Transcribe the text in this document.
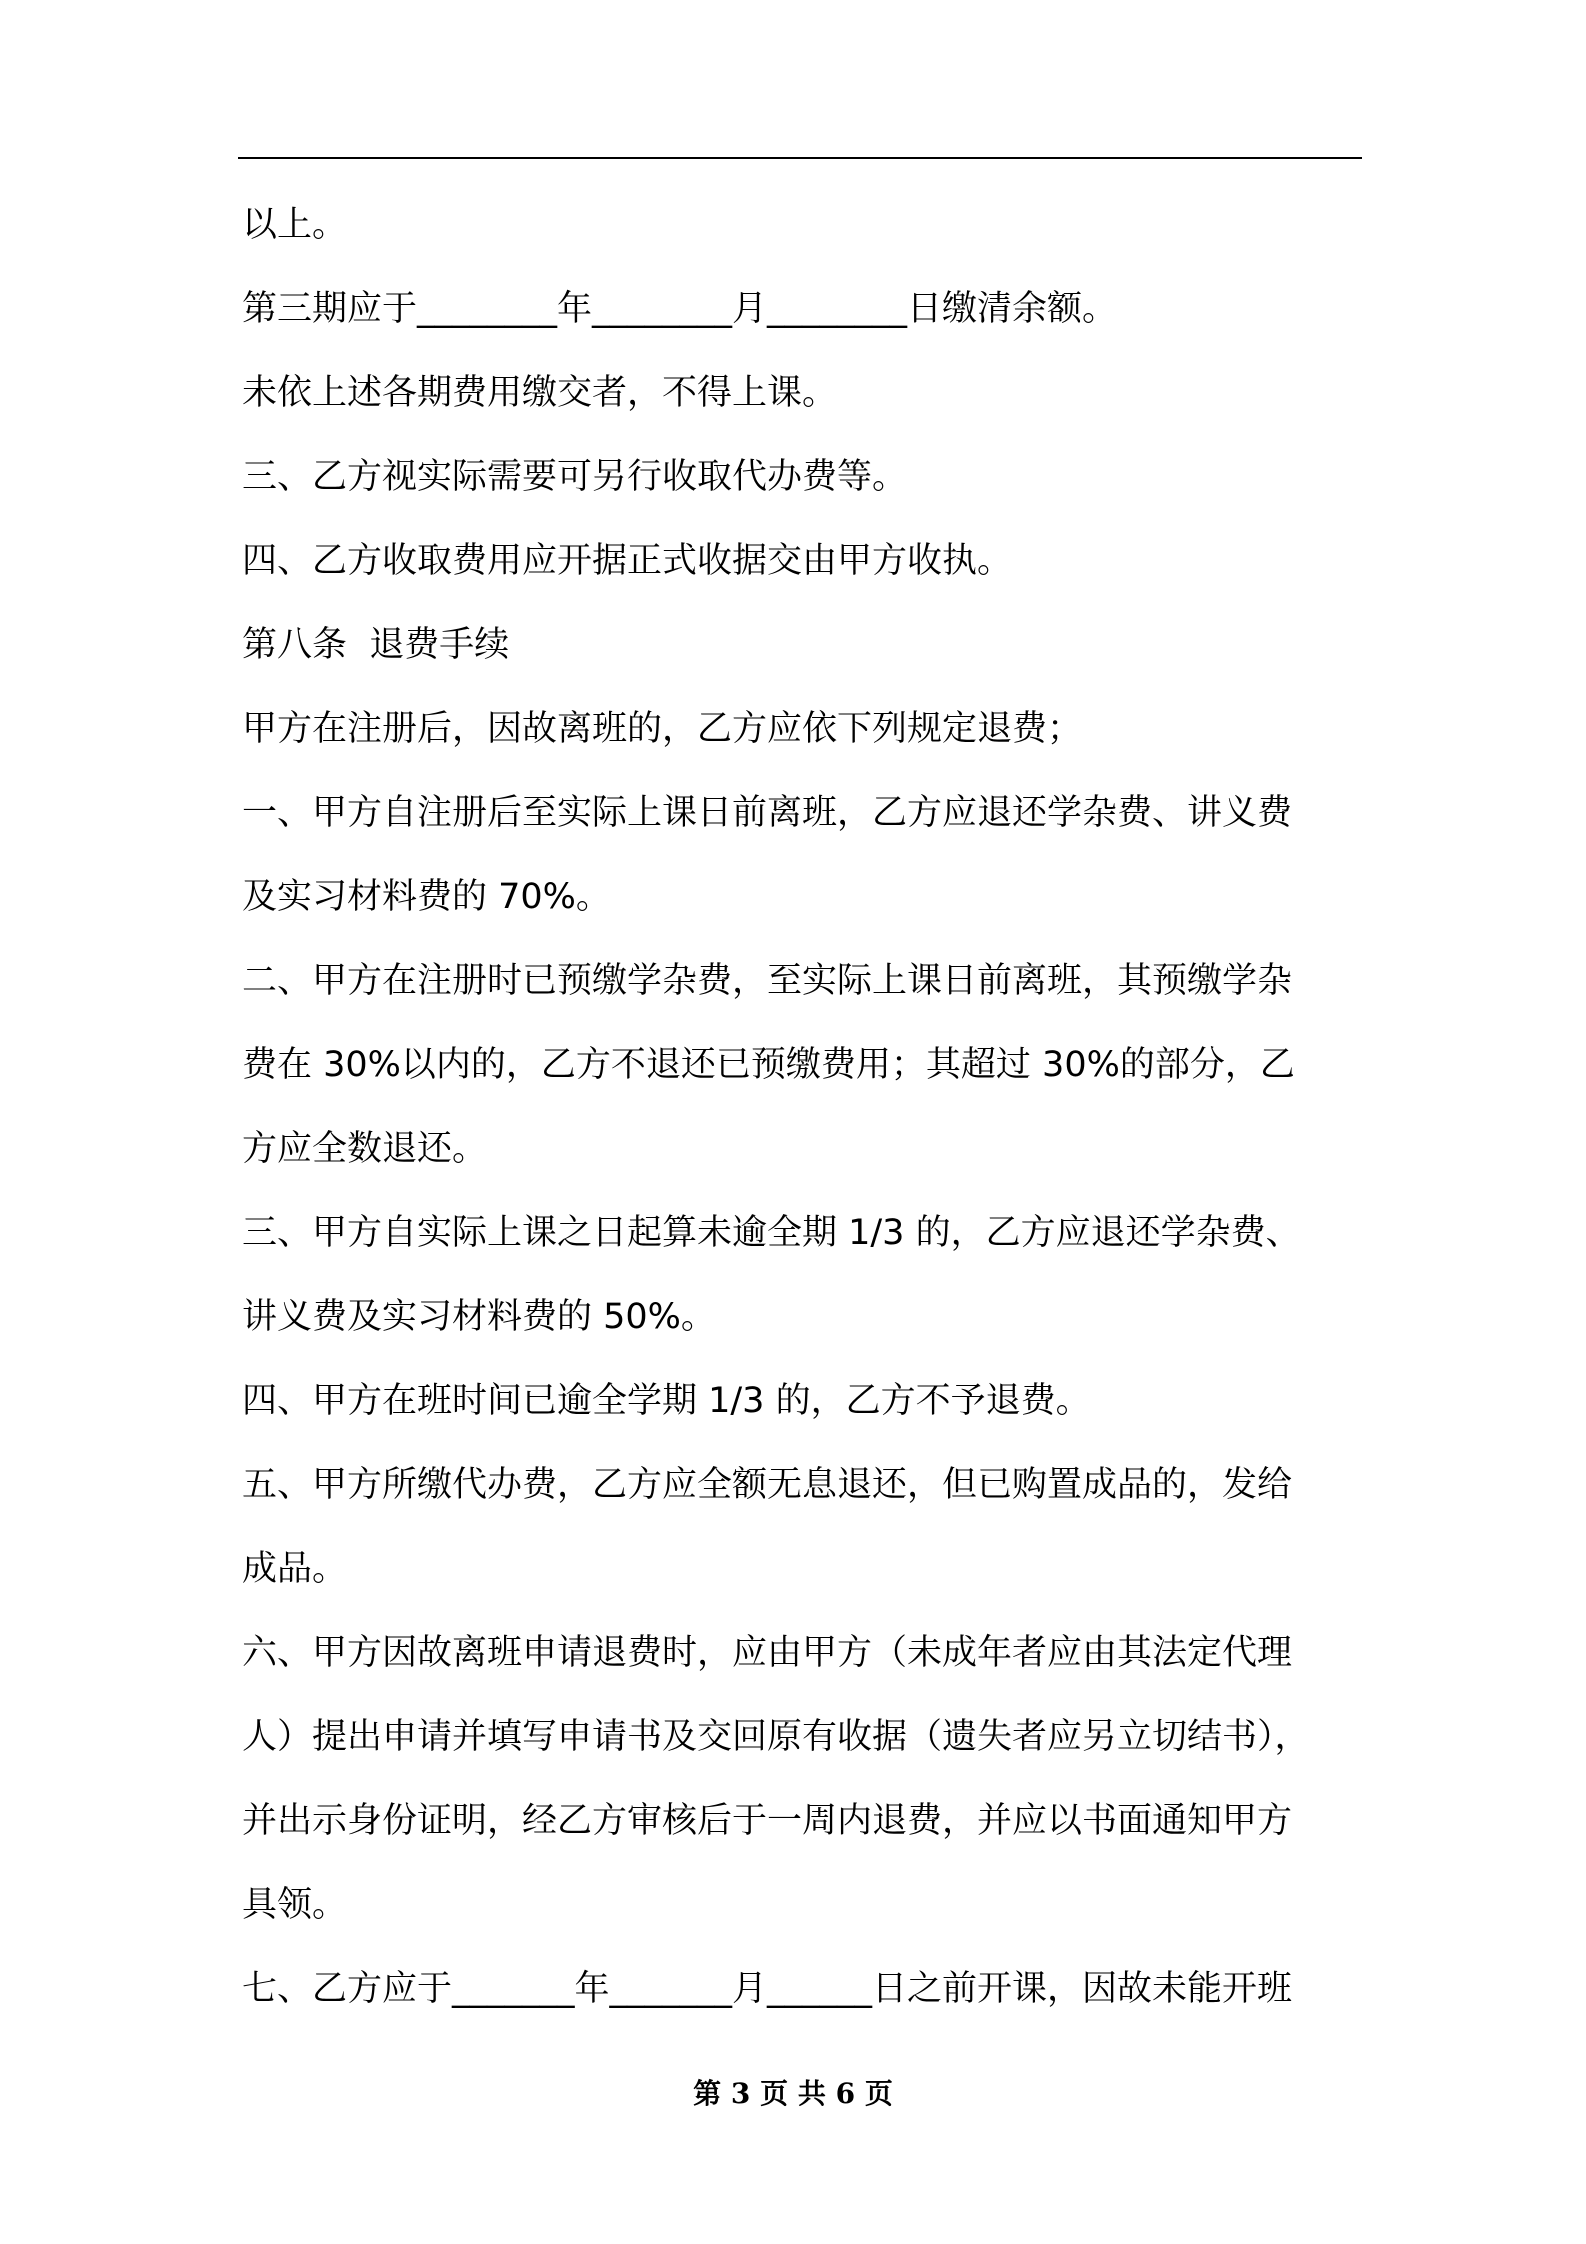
以上。
第三期应于________年________月________日缴清余额。
未依上述各期费用缴交者，不得上课。
三、乙方视实际需要可另行收取代办费等。
四、乙方收取费用应开据正式收据交由甲方收执。
第八条  退费手续
甲方在注册后，因故离班的，乙方应依下列规定退费；
一、甲方自注册后至实际上课日前离班，乙方应退还学杂费、讲义费
及实习材料费的 70%。
二、甲方在注册时已预缴学杂费，至实际上课日前离班，其预缴学杂
费在 30%以内的，乙方不退还已预缴费用；其超过 30%的部分，乙
方应全数退还。
三、甲方自实际上课之日起算未逾全期 1/3 的，乙方应退还学杂费、
讲义费及实习材料费的 50%。
四、甲方在班时间已逾全学期 1/3 的，乙方不予退费。
五、甲方所缴代办费，乙方应全额无息退还，但已购置成品的，发给
成品。
六、甲方因故离班申请退费时，应由甲方（未成年者应由其法定代理
人）提出申请并填写申请书及交回原有收据（遗失者应另立切结书），
并出示身份证明，经乙方审核后于一周内退费，并应以书面通知甲方
具领。
七、乙方应于_______年_______月______日之前开课，因故未能开班
第 3 页 共 6 页
